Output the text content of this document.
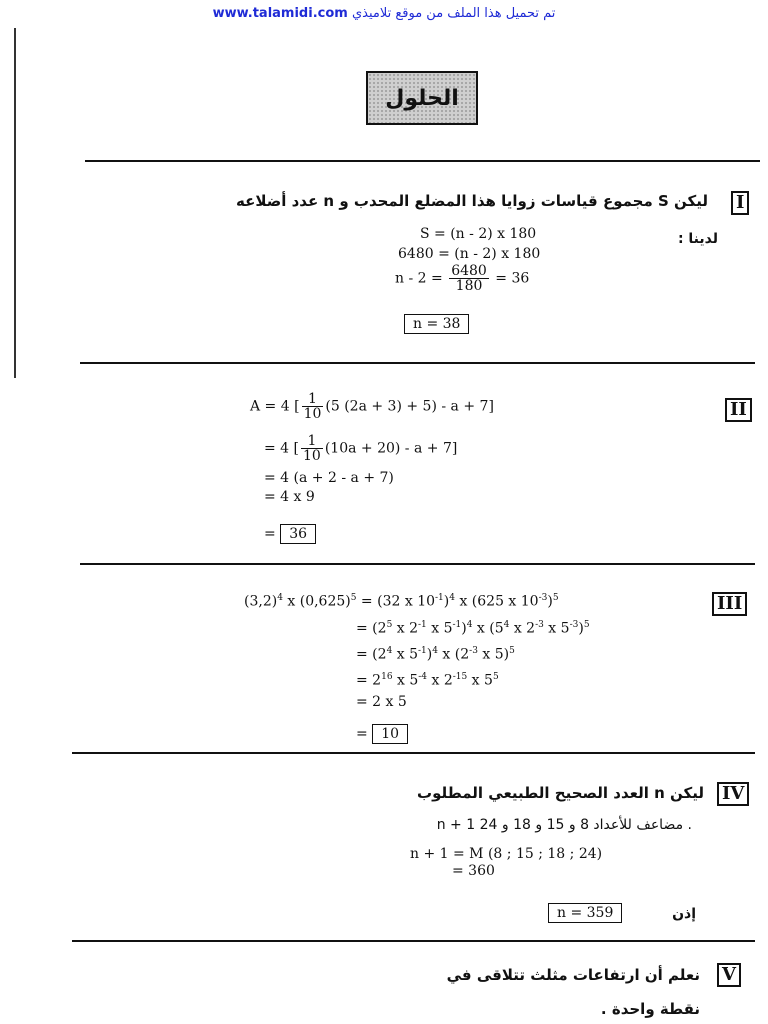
www.talamidi.com تم تحميل هذا الملف من موقع تلاميذي
الحلول
I
ليكن S مجموع قياسات زوايا هذا المضلع المحدب و n عدد أضلاعه
لدينا :
S = (n - 2) x 180
6480 = (n - 2) x 180
$n - 2 = \frac{6480}{180} = 36$
n = 38
II
A = 4 [ $\frac{1}{10} (5$ (2a + 3) + 5) - a + 7]
= 4 [ $\frac{1}{10} (10a + 20) - a + 7$]
= 4 (a + 2 - a + 7)
= 4 x 9
= 36
III
$(3,2)^4$ x $(0,625)^5 = (32$ x $10^{-1})^4$ x (625 x $10^{-3})^5$
= ($2^5$ x $2^{-1}$ x $5^{-1})^4$ x ($5^4$ x $2^{-3}$ x $5^{-3})^5$
= ($2^4$ x $5^{-1})^4$ x ($2^{-3}$ x 5)$^5$
= $2^{16}$ x $5^{-4}$ x $2^{-15}$ x $5^5$
= 2 x 5
= 10
IV
ليكن n العدد الصحيح الطبيعي المطلوب
n + 1 مضاعف للأعداد 8 و 15 و 18 و 24 .
n + 1 = M (8 ; 15 ; 18 ; 24)
= 360
n = 359	إذن
V
نعلم أن ارتفاعات مثلث تتلاقى في
نقطة واحدة .
